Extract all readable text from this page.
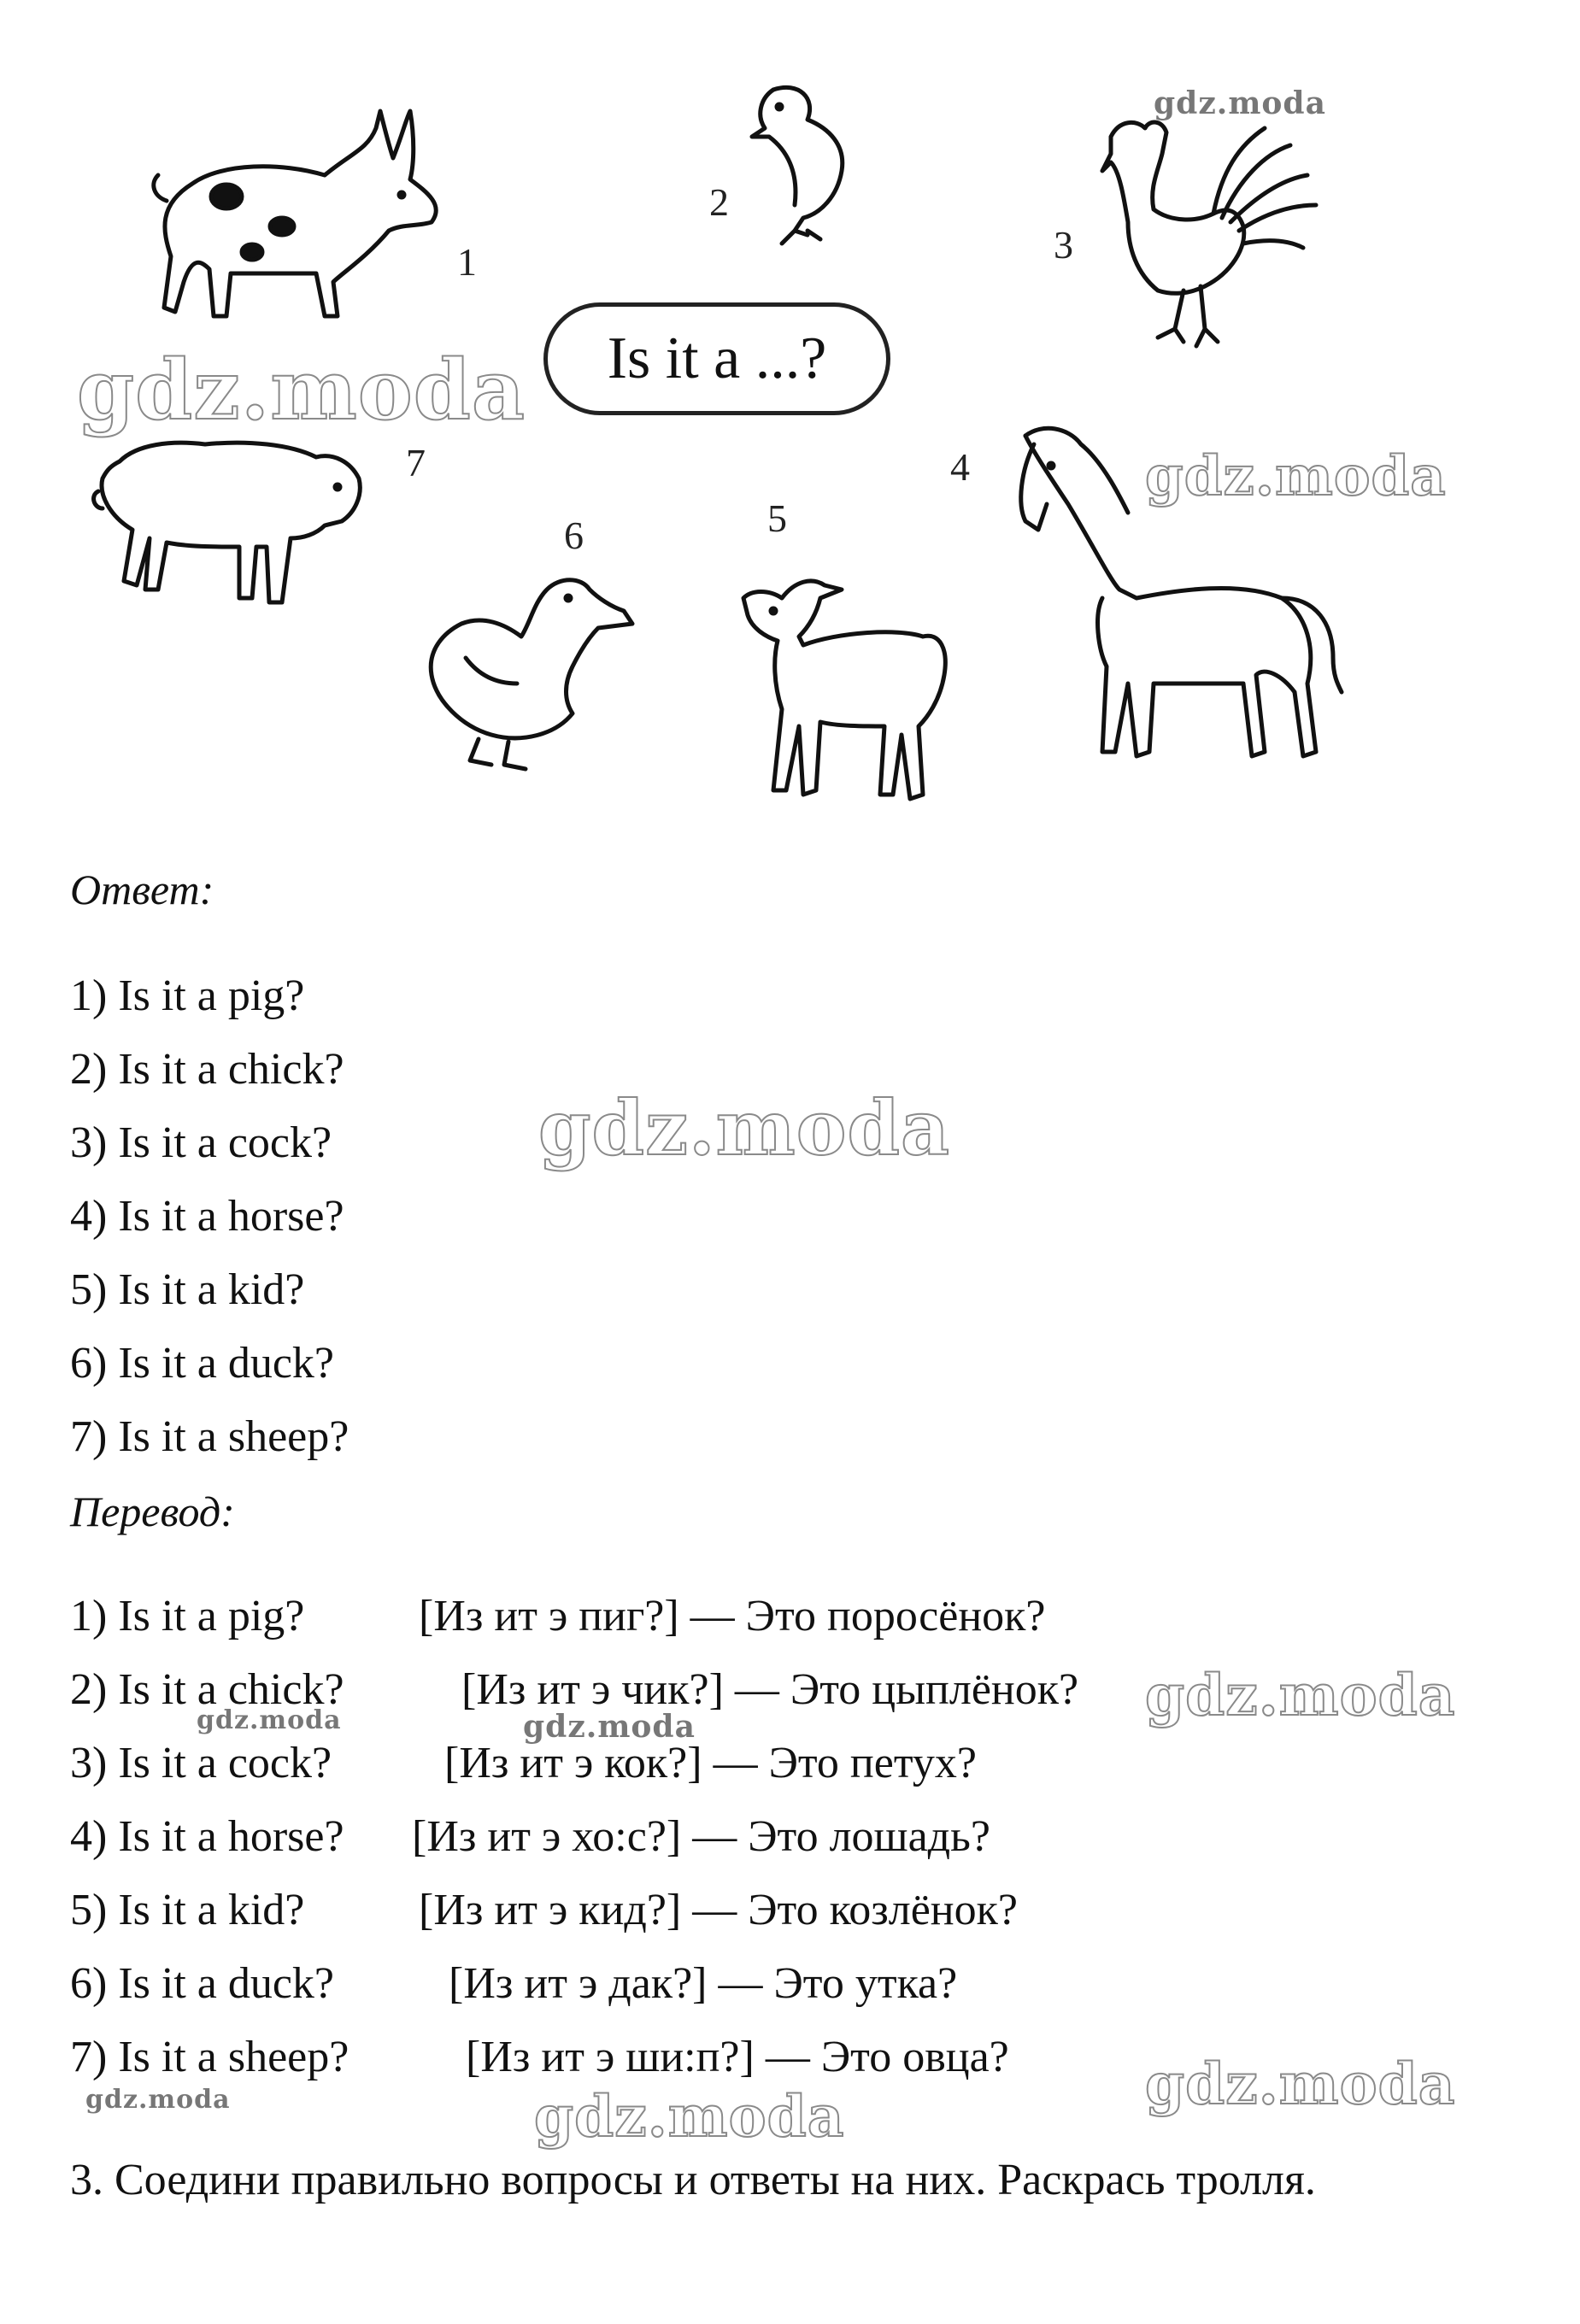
1
2
3
4
5
6
7
Is it a ...?
gdz.moda
gdz.moda
gdz.moda
gdz.moda
gdz.moda
gdz.moda	gdz.moda
gdz.moda
gdz.moda	gdz.moda
Ответ:
1) Is it a pig?
2) Is it a chick?
3) Is it a cock?
4) Is it a horse?
5) Is it a kid?
6) Is it a duck?
7) Is it a sheep?
Перевод:
1) Is it a pig?	[Из ит э пиг?] — Это поросёнок?
2) Is it a chick?	[Из ит э чик?] — Это цыплёнок?
3) Is it a cock?	[Из ит э кок?] — Это петух?
4) Is it a horse? [Из ит э хо:с?] — Это лошадь?
5) Is it a kid?	[Из ит э кид?] — Это козлёнок?
6) Is it a duck?	[Из ит э дак?] — Это утка?
7) Is it a sheep?	[Из ит э ши:п?] — Это овца?
3. Соедини правильно вопросы и ответы на них. Раскрась тролля.
